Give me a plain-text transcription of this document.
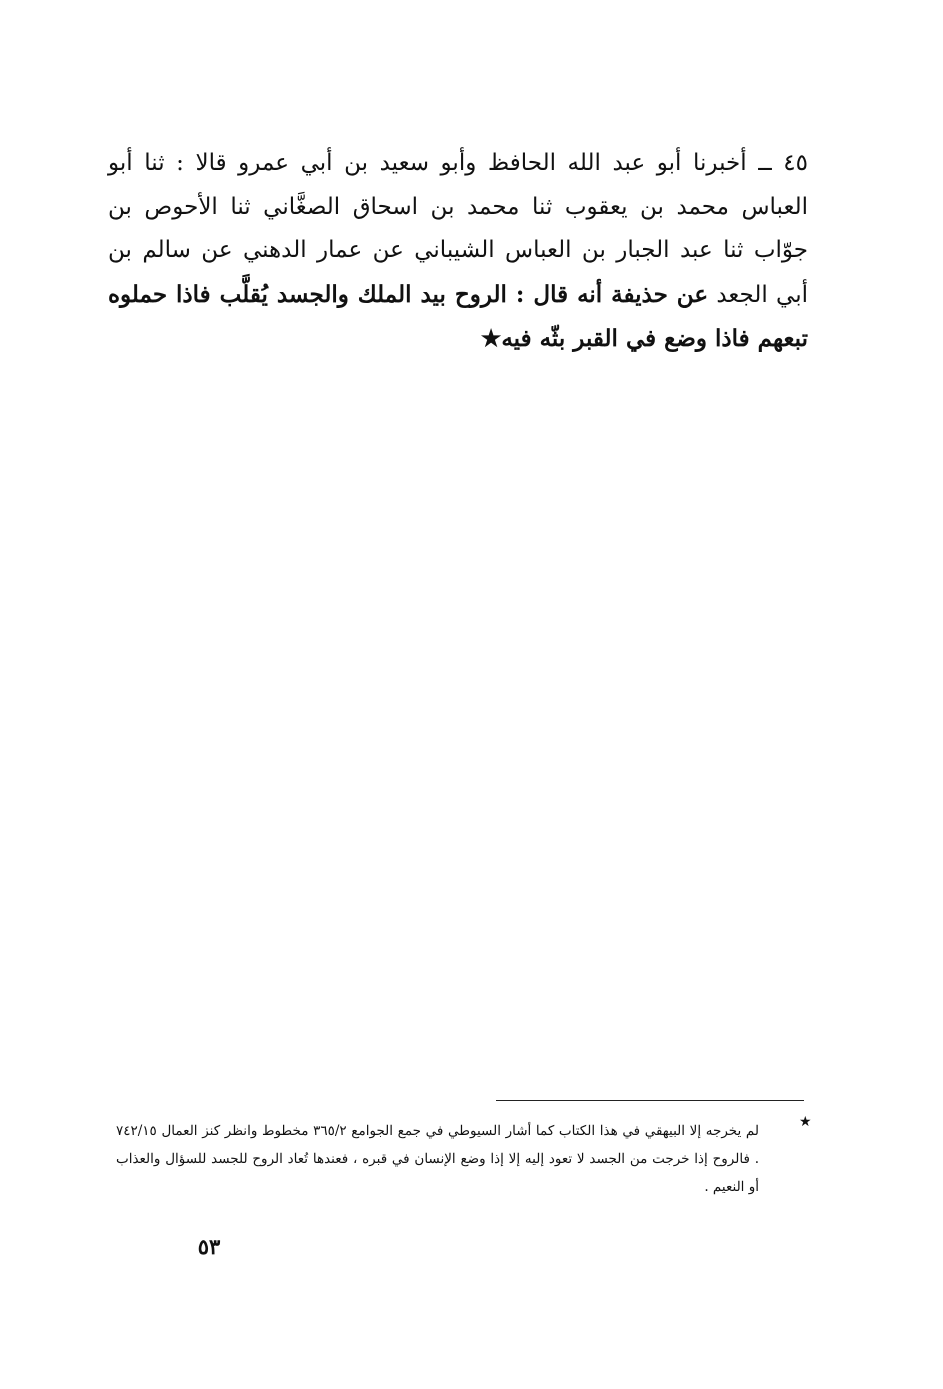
٤٥ ــ أخبرنا أبو عبد الله الحافظ وأبو سعيد بن أبي عمرو قالا : ثنا أبو العباس محمد بن يعقوب ثنا محمد بن اسحاق الصغَّاني ثنا الأحوص بن جوّاب ثنا عبد الجبار بن العباس الشيباني عن عمار الدهني عن سالم بن أبي الجعد عن حذيفة أنه قال : الروح بيد الملك والجسد يُقلَّب فاذا حملوه تبعهم فاذا وضع في القبر بثّه فيه★

★

لم يخرجه إلا البيهقي في هذا الكتاب كما أشار السيوطي في جمع الجوامع ٣٦٥/٢ مخطوط وانظر كنز العمال ٧٤٢/١٥ . فالروح إذا خرجت من الجسد لا تعود إليه إلا إذا وضع الإنسان في قبره ، فعندها تُعاد الروح للجسد للسؤال والعذاب أو النعيم .

٥٣
